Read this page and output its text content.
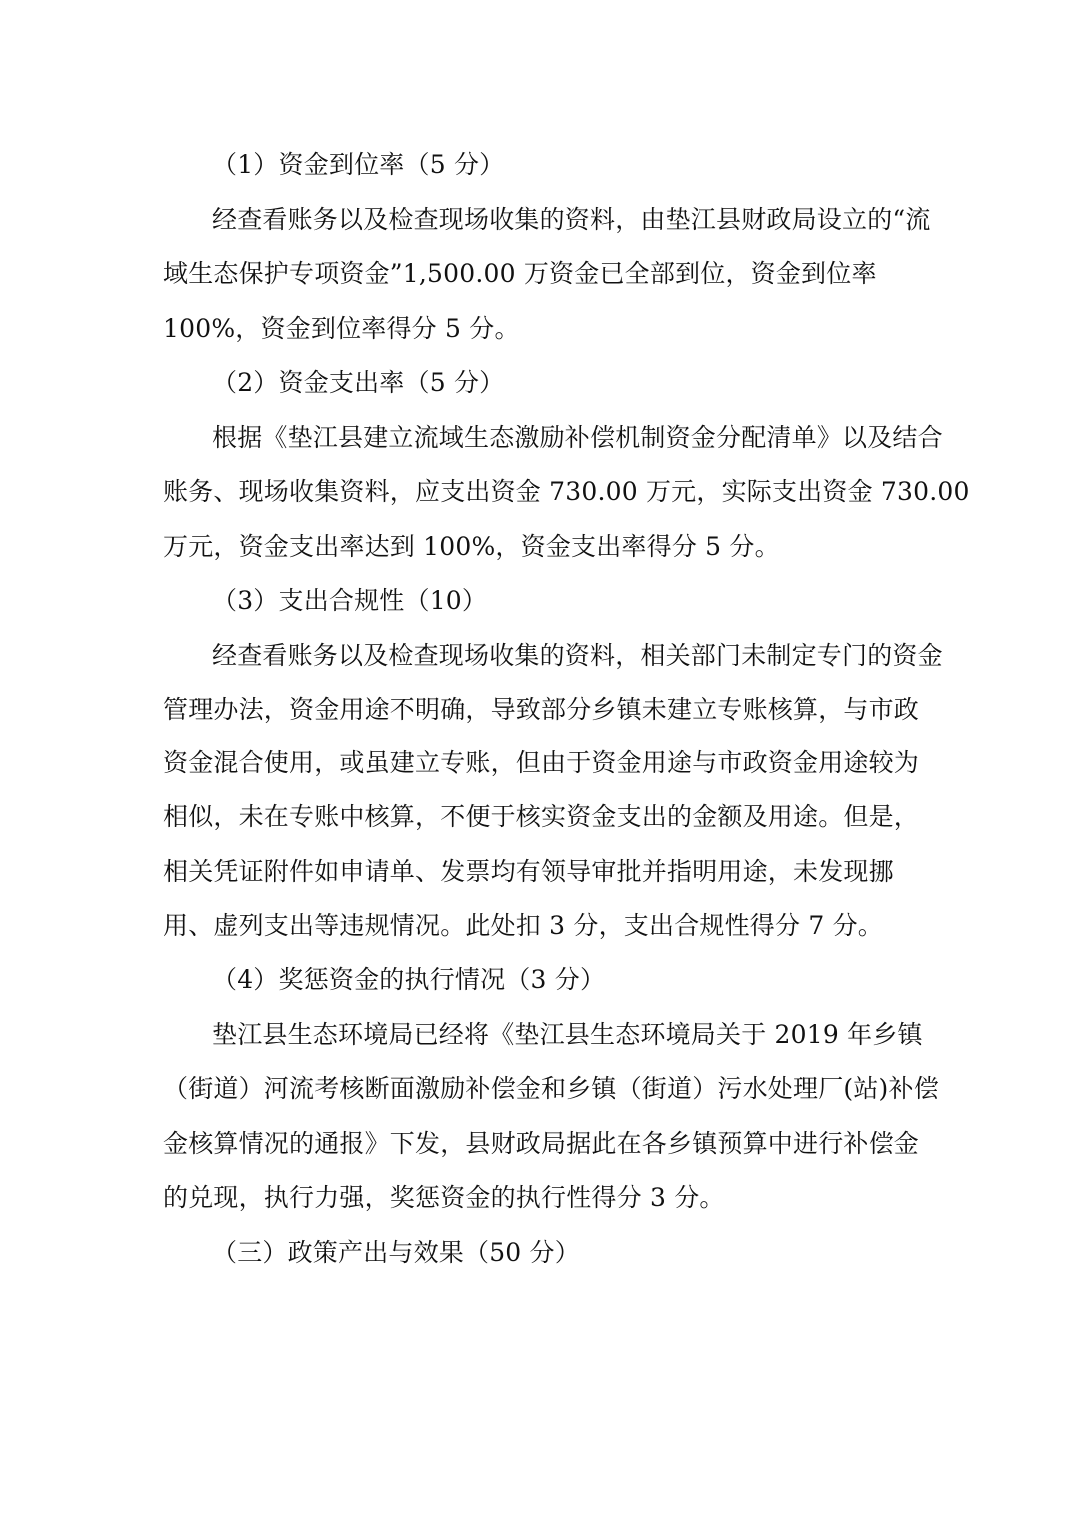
（1）资金到位率（5 分）
经查看账务以及检查现场收集的资料，由垫江县财政局设立的“流
域生态保护专项资金”1,500.00 万资金已全部到位，资金到位率
100%，资金到位率得分 5 分。
（2）资金支出率（5 分）
根据《垫江县建立流域生态激励补偿机制资金分配清单》以及结合
账务、现场收集资料，应支出资金 730.00 万元，实际支出资金 730.00
万元，资金支出率达到 100%，资金支出率得分 5 分。
（3）支出合规性（10）
经查看账务以及检查现场收集的资料，相关部门未制定专门的资金
管理办法，资金用途不明确，导致部分乡镇未建立专账核算，与市政
资金混合使用，或虽建立专账，但由于资金用途与市政资金用途较为
相似，未在专账中核算，不便于核实资金支出的金额及用途。但是，
相关凭证附件如申请单、发票均有领导审批并指明用途，未发现挪
用、虚列支出等违规情况。此处扣 3 分，支出合规性得分 7 分。
（4）奖惩资金的执行情况（3 分）
垫江县生态环境局已经将《垫江县生态环境局关于 2019 年乡镇
（街道）河流考核断面激励补偿金和乡镇（街道）污水处理厂(站)补偿
金核算情况的通报》下发，县财政局据此在各乡镇预算中进行补偿金
的兑现，执行力强，奖惩资金的执行性得分 3 分。
（三）政策产出与效果（50 分）
